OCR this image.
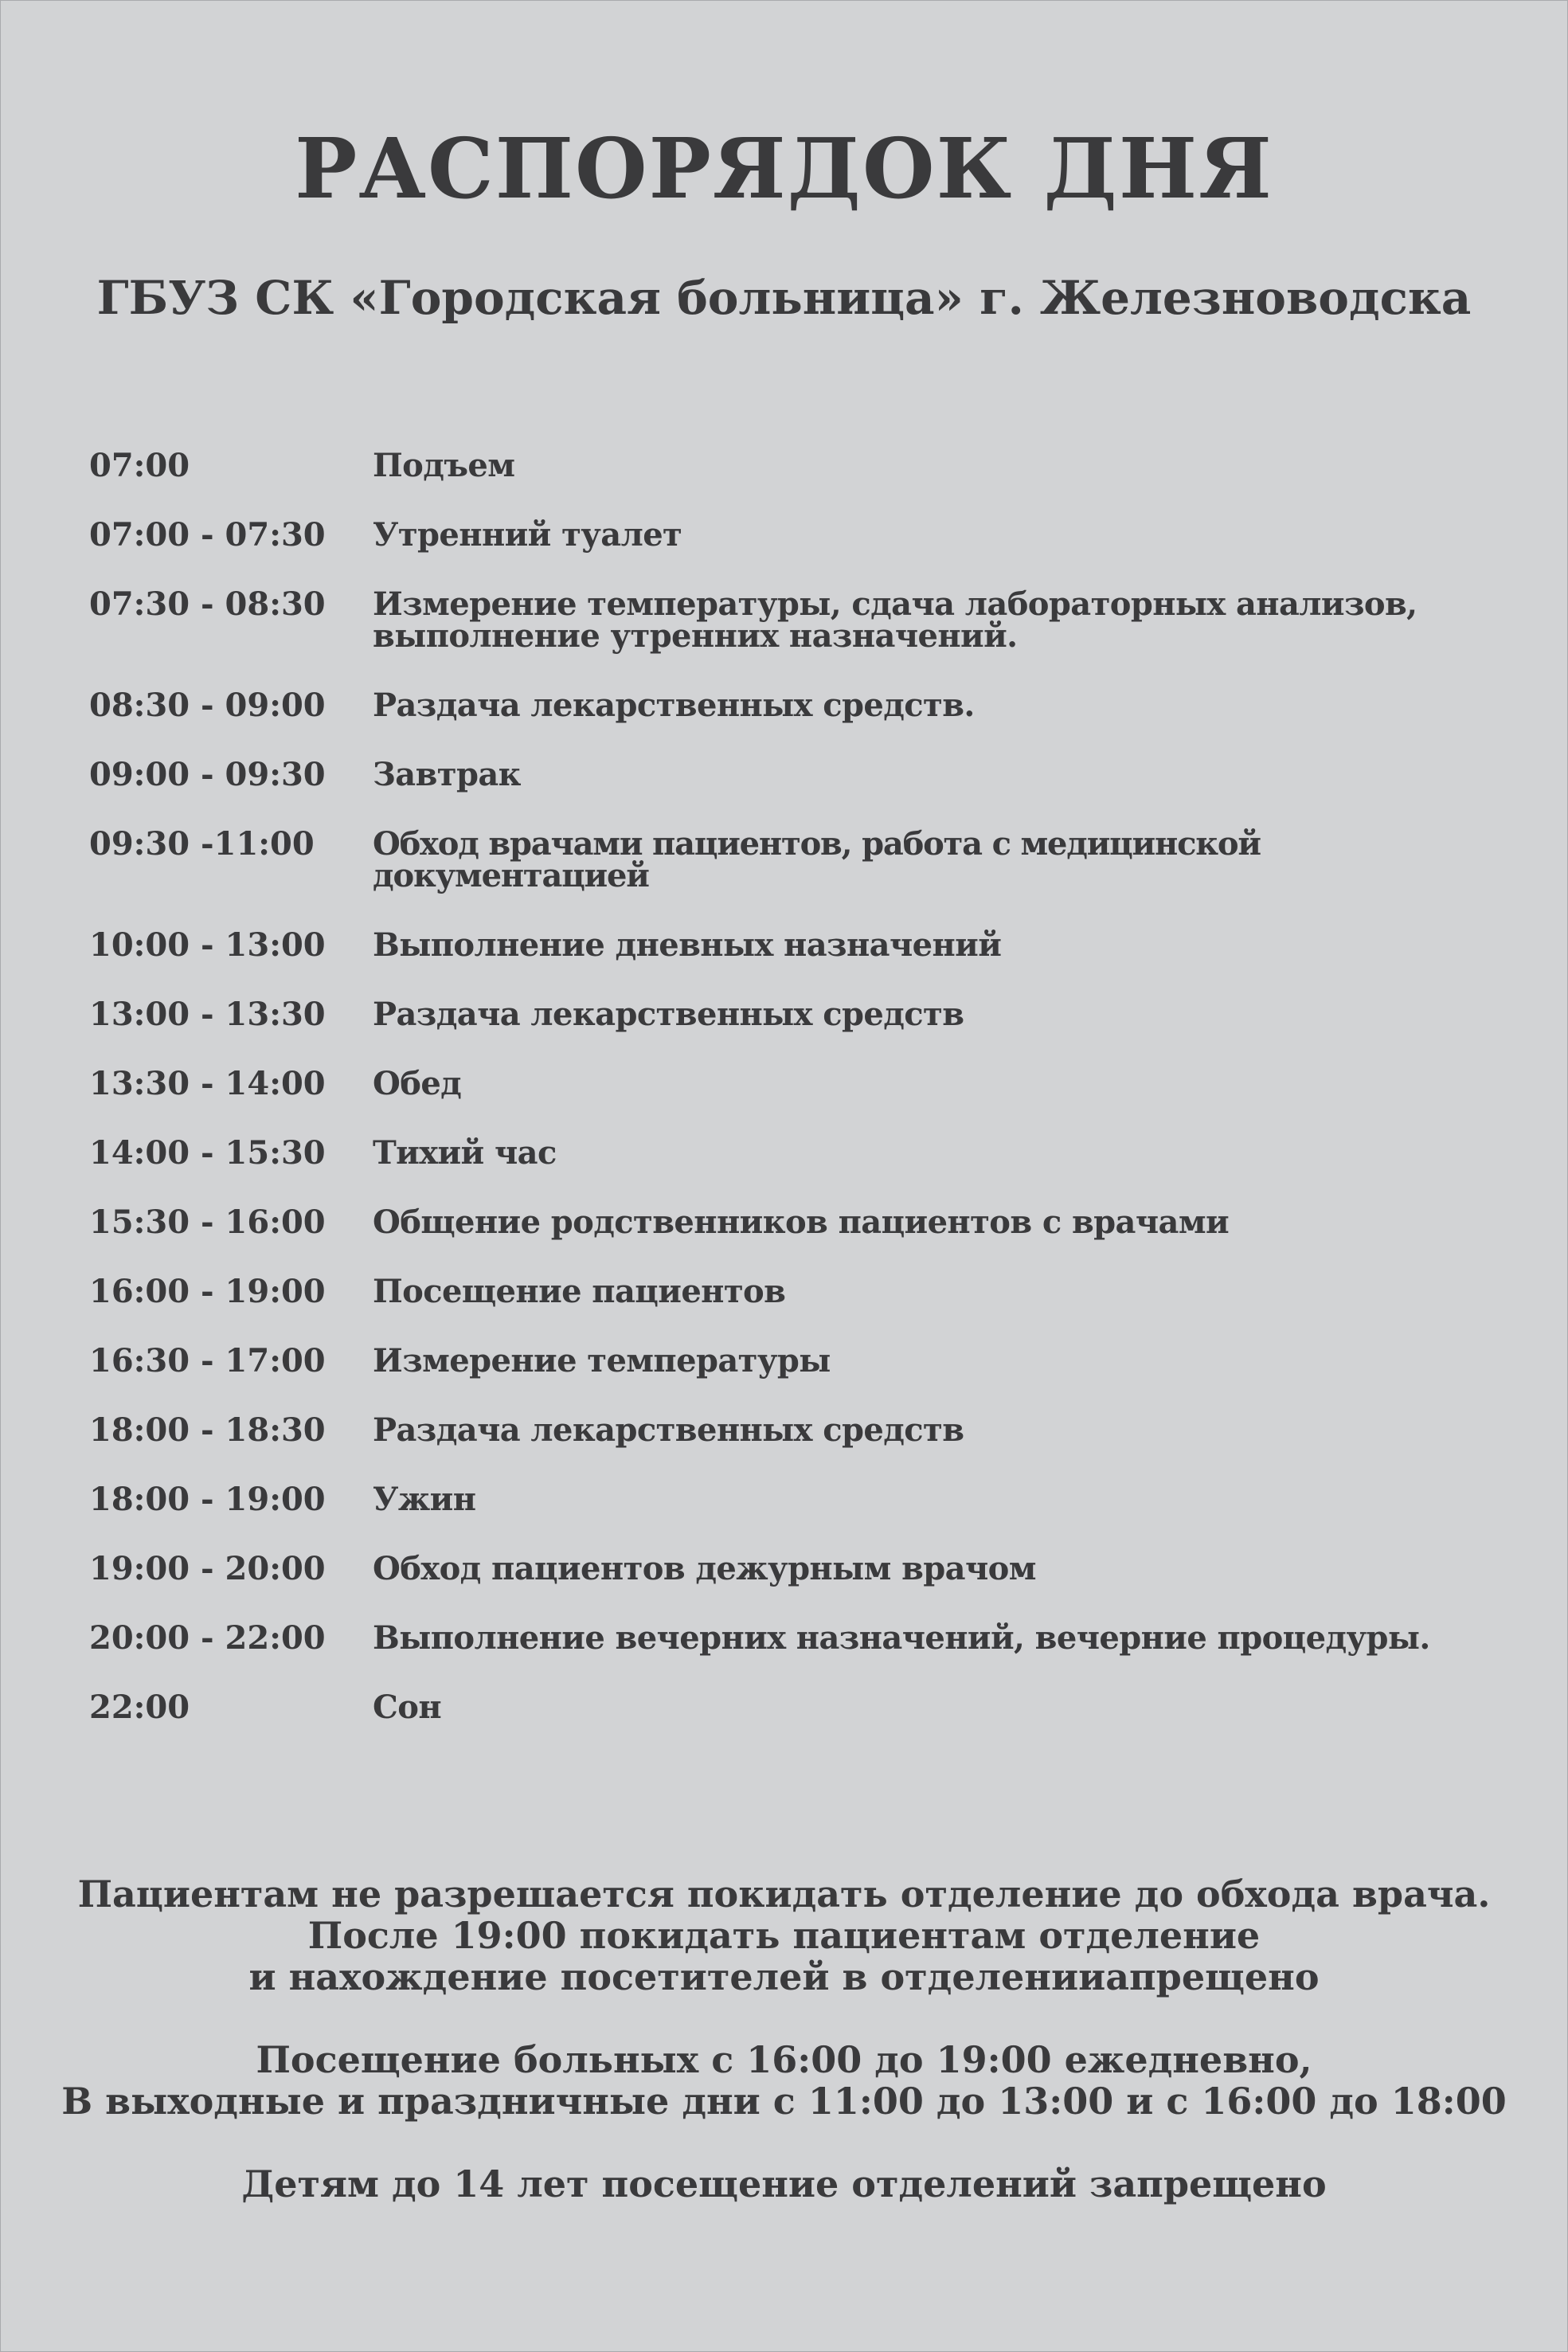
РАСПОРЯДОК ДНЯ
ГБУЗ СК «Городская больница» г. Железноводска
07:00	Подъем
07:00 - 07:30	Утренний туалет
07:30 - 08:30	Измерение температуры, сдача лабораторных анализов,
выполнение утренних назначений.
08:30 - 09:00	Раздача лекарственных средств.
09:00 - 09:30	Завтрак
09:30 -11:00	Обход врачами пациентов, работа с медицинской документацией
10:00 - 13:00	Выполнение дневных назначений
13:00 - 13:30	Раздача лекарственных средств
13:30 - 14:00	Обед
14:00 - 15:30	Тихий час
15:30 - 16:00	Общение родственников пациентов с врачами
16:00 - 19:00	Посещение пациентов
16:30 - 17:00	Измерение температуры
18:00 - 18:30	Раздача лекарственных средств
18:00 - 19:00	Ужин
19:00 - 20:00	Обход пациентов дежурным врачом
20:00 - 22:00	Выполнение вечерних назначений, вечерние процедуры.
22:00	Сон

Пациентам не разрешается покидать отделение до обхода врача.
После 19:00 покидать пациентам отделение
и нахождение посетителей в отделенииапрещено

Посещение больных с 16:00 до 19:00 ежедневно,
В выходные и праздничные дни с 11:00 до 13:00 и с 16:00 до 18:00

Детям до 14 лет посещение отделений запрещено
